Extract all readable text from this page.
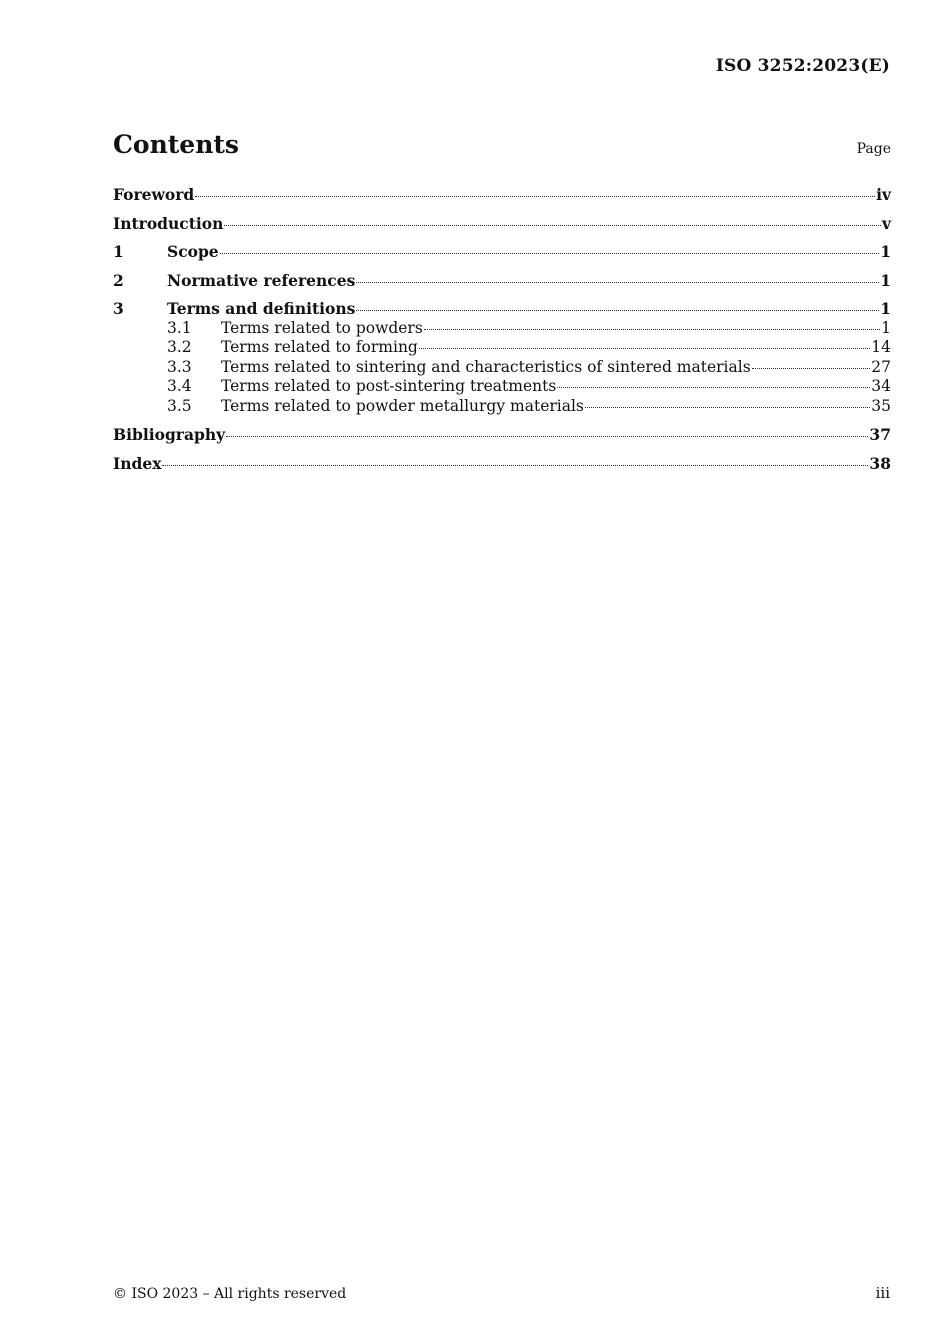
ISO 3252:2023(E)
Contents	Page
Foreword	iv
Introduction	v
1	Scope	1
2	Normative references	1
3	Terms and definitions	1
3.1	Terms related to powders	1
3.2	Terms related to forming	14
3.3	Terms related to sintering and characteristics of sintered materials	27
3.4	Terms related to post-sintering treatments	34
3.5	Terms related to powder metallurgy materials	35
Bibliography	37
Index	38
© ISO 2023 – All rights reserved	iii
